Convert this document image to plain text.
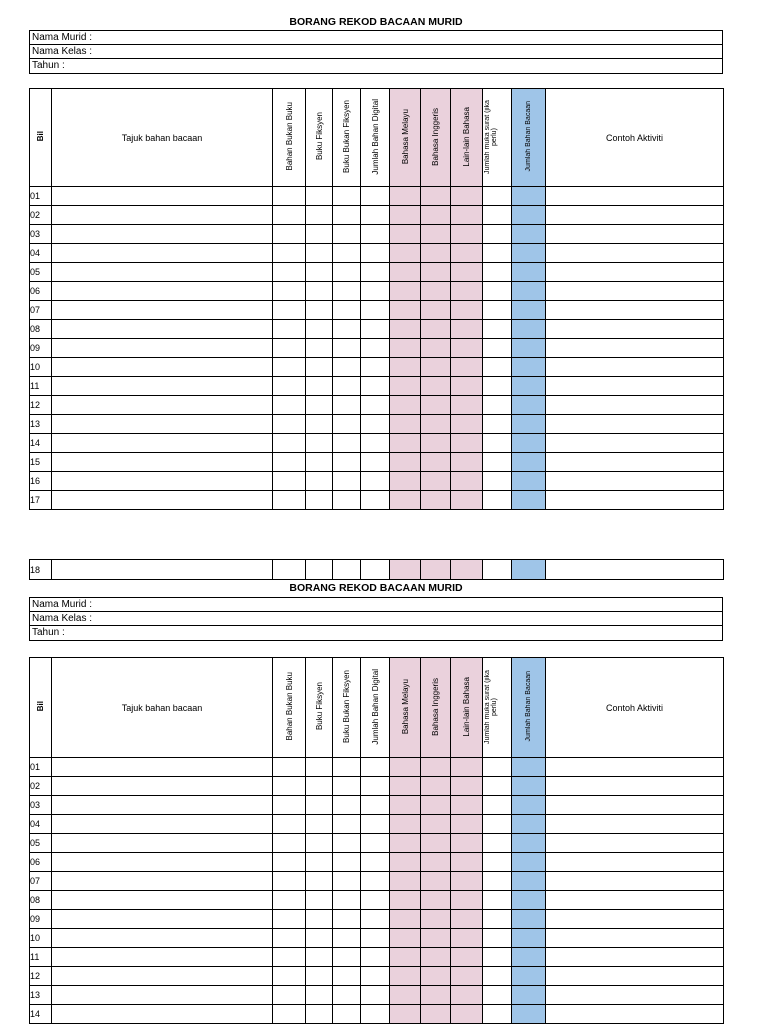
BORANG REKOD BACAAN MURID
Nama Murid :
Nama Kelas :
Tahun :
Bil	Tajuk bahan bacaan	Bahan Bukan Buku	Buku Fiksyen	Buku Bukan Fiksyen	Jumlah Bahan Digital	Bahasa Melayu	Bahasa Inggeris	Lain-lain Bahasa	Jumlah muka surat (jika perlu)	Jumlah Bahan Bacaan	Contoh Aktiviti
01											
02											
03											
04											
05											
06											
07											
08											
09											
10											
11											
12											
13											
14											
15											
16											
17											
18											
BORANG REKOD BACAAN MURID
Nama Murid :
Nama Kelas :
Tahun :
Bil	Tajuk bahan bacaan	Bahan Bukan Buku	Buku Fiksyen	Buku Bukan Fiksyen	Jumlah Bahan Digital	Bahasa Melayu	Bahasa Inggeris	Lain-lain Bahasa	Jumlah muka surat (jika perlu)	Jumlah Bahan Bacaan	Contoh Aktiviti
01											
02											
03											
04											
05											
06											
07											
08											
09											
10											
11											
12											
13											
14											
